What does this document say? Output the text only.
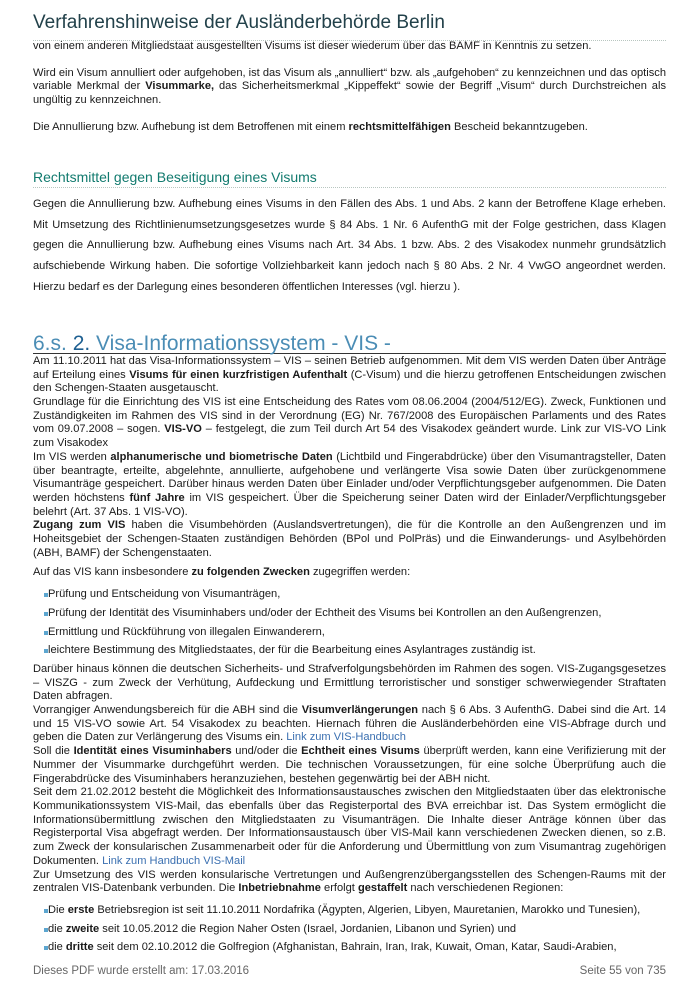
Verfahrenshinweise der Ausländerbehörde Berlin

von einem anderen Mitgliedstaat ausgestellten Visums ist dieser wiederum über das BAMF in Kenntnis zu setzen.

Wird ein Visum annulliert oder aufgehoben, ist das Visum als „annulliert“ bzw. als „aufgehoben“ zu kennzeichnen und das optisch variable Merkmal der Visummarke, das Sicherheitsmerkmal „Kippeffekt“ sowie der Begriff „Visum“ durch Durchstreichen als ungültig zu kennzeichnen.

Die Annullierung bzw. Aufhebung ist dem Betroffenen mit einem rechtsmittelfähigen Bescheid bekanntzugeben.

Rechtsmittel gegen Beseitigung eines Visums

Gegen die Annullierung bzw. Aufhebung eines Visums in den Fällen des Abs. 1 und Abs. 2 kann der Betroffene Klage erheben. Mit Umsetzung des Richtlinienumsetzungsgesetzes wurde § 84 Abs. 1 Nr. 6 AufenthG mit der Folge gestrichen, dass Klagen gegen die Annullierung bzw. Aufhebung eines Visums nach Art. 34 Abs. 1 bzw. Abs. 2 des Visakodex nunmehr grundsätzlich aufschiebende Wirkung haben. Die sofortige Vollziehbarkeit kann jedoch nach § 80 Abs. 2 Nr. 4 VwGO angeordnet werden. Hierzu bedarf es der Darlegung eines besonderen öffentlichen Interesses (vgl. hierzu ).

6.s. 2. Visa-Informationssystem - VIS -

Am 11.10.2011 hat das Visa-Informationssystem – VIS – seinen Betrieb aufgenommen. Mit dem VIS werden Daten über Anträge auf Erteilung eines Visums für einen kurzfristigen Aufenthalt (C-Visum) und die hierzu getroffenen Entscheidungen zwischen den Schengen-Staaten ausgetauscht.

Grundlage für die Einrichtung des VIS ist eine Entscheidung des Rates vom 08.06.2004 (2004/512/EG). Zweck, Funktionen und Zuständigkeiten im Rahmen des VIS sind in der Verordnung (EG) Nr. 767/2008 des Europäischen Parlaments und des Rates vom 09.07.2008 – sogen. VIS-VO – festgelegt, die zum Teil durch Art 54 des Visakodex geändert wurde. Link zur VIS-VO Link zum Visakodex

Im VIS werden alphanumerische und biometrische Daten (Lichtbild und Fingerabdrücke) über den Visumantragsteller, Daten über beantragte, erteilte, abgelehnte, annullierte, aufgehobene und verlängerte Visa sowie Daten über zurückgenommene Visumanträge gespeichert. Darüber hinaus werden Daten über Einlader und/oder Verpflichtungsgeber aufgenommen. Die Daten werden höchstens fünf Jahre im VIS gespeichert. Über die Speicherung seiner Daten wird der Einlader/Verpflichtungsgeber belehrt (Art. 37 Abs. 1 VIS-VO).

Zugang zum VIS haben die Visumbehörden (Auslandsvertretungen), die für die Kontrolle an den Außengrenzen und im Hoheitsgebiet der Schengen-Staaten zuständigen Behörden (BPol und PolPräs) und die Einwanderungs- und Asylbehörden (ABH, BAMF) der Schengenstaaten.

Auf das VIS kann insbesondere zu folgenden Zwecken zugegriffen werden:

Prüfung und Entscheidung von Visumanträgen,
Prüfung der Identität des Visuminhabers und/oder der Echtheit des Visums bei Kontrollen an den Außengrenzen,
Ermittlung und Rückführung von illegalen Einwanderern,
leichtere Bestimmung des Mitgliedstaates, der für die Bearbeitung eines Asylantrages zuständig ist.

Darüber hinaus können die deutschen Sicherheits- und Strafverfolgungsbehörden im Rahmen des sogen. VIS-Zugangsgesetzes – VISZG - zum Zweck der Verhütung, Aufdeckung und Ermittlung terroristischer und sonstiger schwerwiegender Straftaten Daten abfragen.

Vorrangiger Anwendungsbereich für die ABH sind die Visumverlängerungen nach § 6 Abs. 3 AufenthG. Dabei sind die Art. 14 und 15 VIS-VO sowie Art. 54 Visakodex zu beachten. Hiernach führen die Ausländerbehörden eine VIS-Abfrage durch und geben die Daten zur Verlängerung des Visums ein. Link zum VIS-Handbuch

Soll die Identität eines Visuminhabers und/oder die Echtheit eines Visums überprüft werden, kann eine Verifizierung mit der Nummer der Visummarke durchgeführt werden. Die technischen Voraussetzungen, für eine solche Überprüfung auch die Fingerabdrücke des Visuminhabers heranzuziehen, bestehen gegenwärtig bei der ABH nicht.

Seit dem 21.02.2012 besteht die Möglichkeit des Informationsaustausches zwischen den Mitgliedstaaten über das elektronische Kommunikationssystem VIS-Mail, das ebenfalls über das Registerportal des BVA erreichbar ist. Das System ermöglicht die Informationsübermittlung zwischen den Mitgliedstaaten zu Visumanträgen. Die Inhalte dieser Anträge können über das Registerportal Visa abgefragt werden. Der Informationsaustausch über VIS-Mail kann verschiedenen Zwecken dienen, so z.B. zum Zweck der konsularischen Zusammenarbeit oder für die Anforderung und Übermittlung von zum Visumantrag zugehörigen Dokumenten. Link zum Handbuch VIS-Mail

Zur Umsetzung des VIS werden konsularische Vertretungen und Außengrenzübergangsstellen des Schengen-Raums mit der zentralen VIS-Datenbank verbunden. Die Inbetriebnahme erfolgt gestaffelt nach verschiedenen Regionen:

Die erste Betriebsregion ist seit 11.10.2011 Nordafrika (Ägypten, Algerien, Libyen, Mauretanien, Marokko und Tunesien),
die zweite seit 10.05.2012 die Region Naher Osten (Israel, Jordanien, Libanon und Syrien) und
die dritte seit dem 02.10.2012 die Golfregion (Afghanistan, Bahrain, Iran, Irak, Kuwait, Oman, Katar, Saudi-Arabien,
Dieses PDF wurde erstellt am: 17.03.2016	Seite 55 von 735
